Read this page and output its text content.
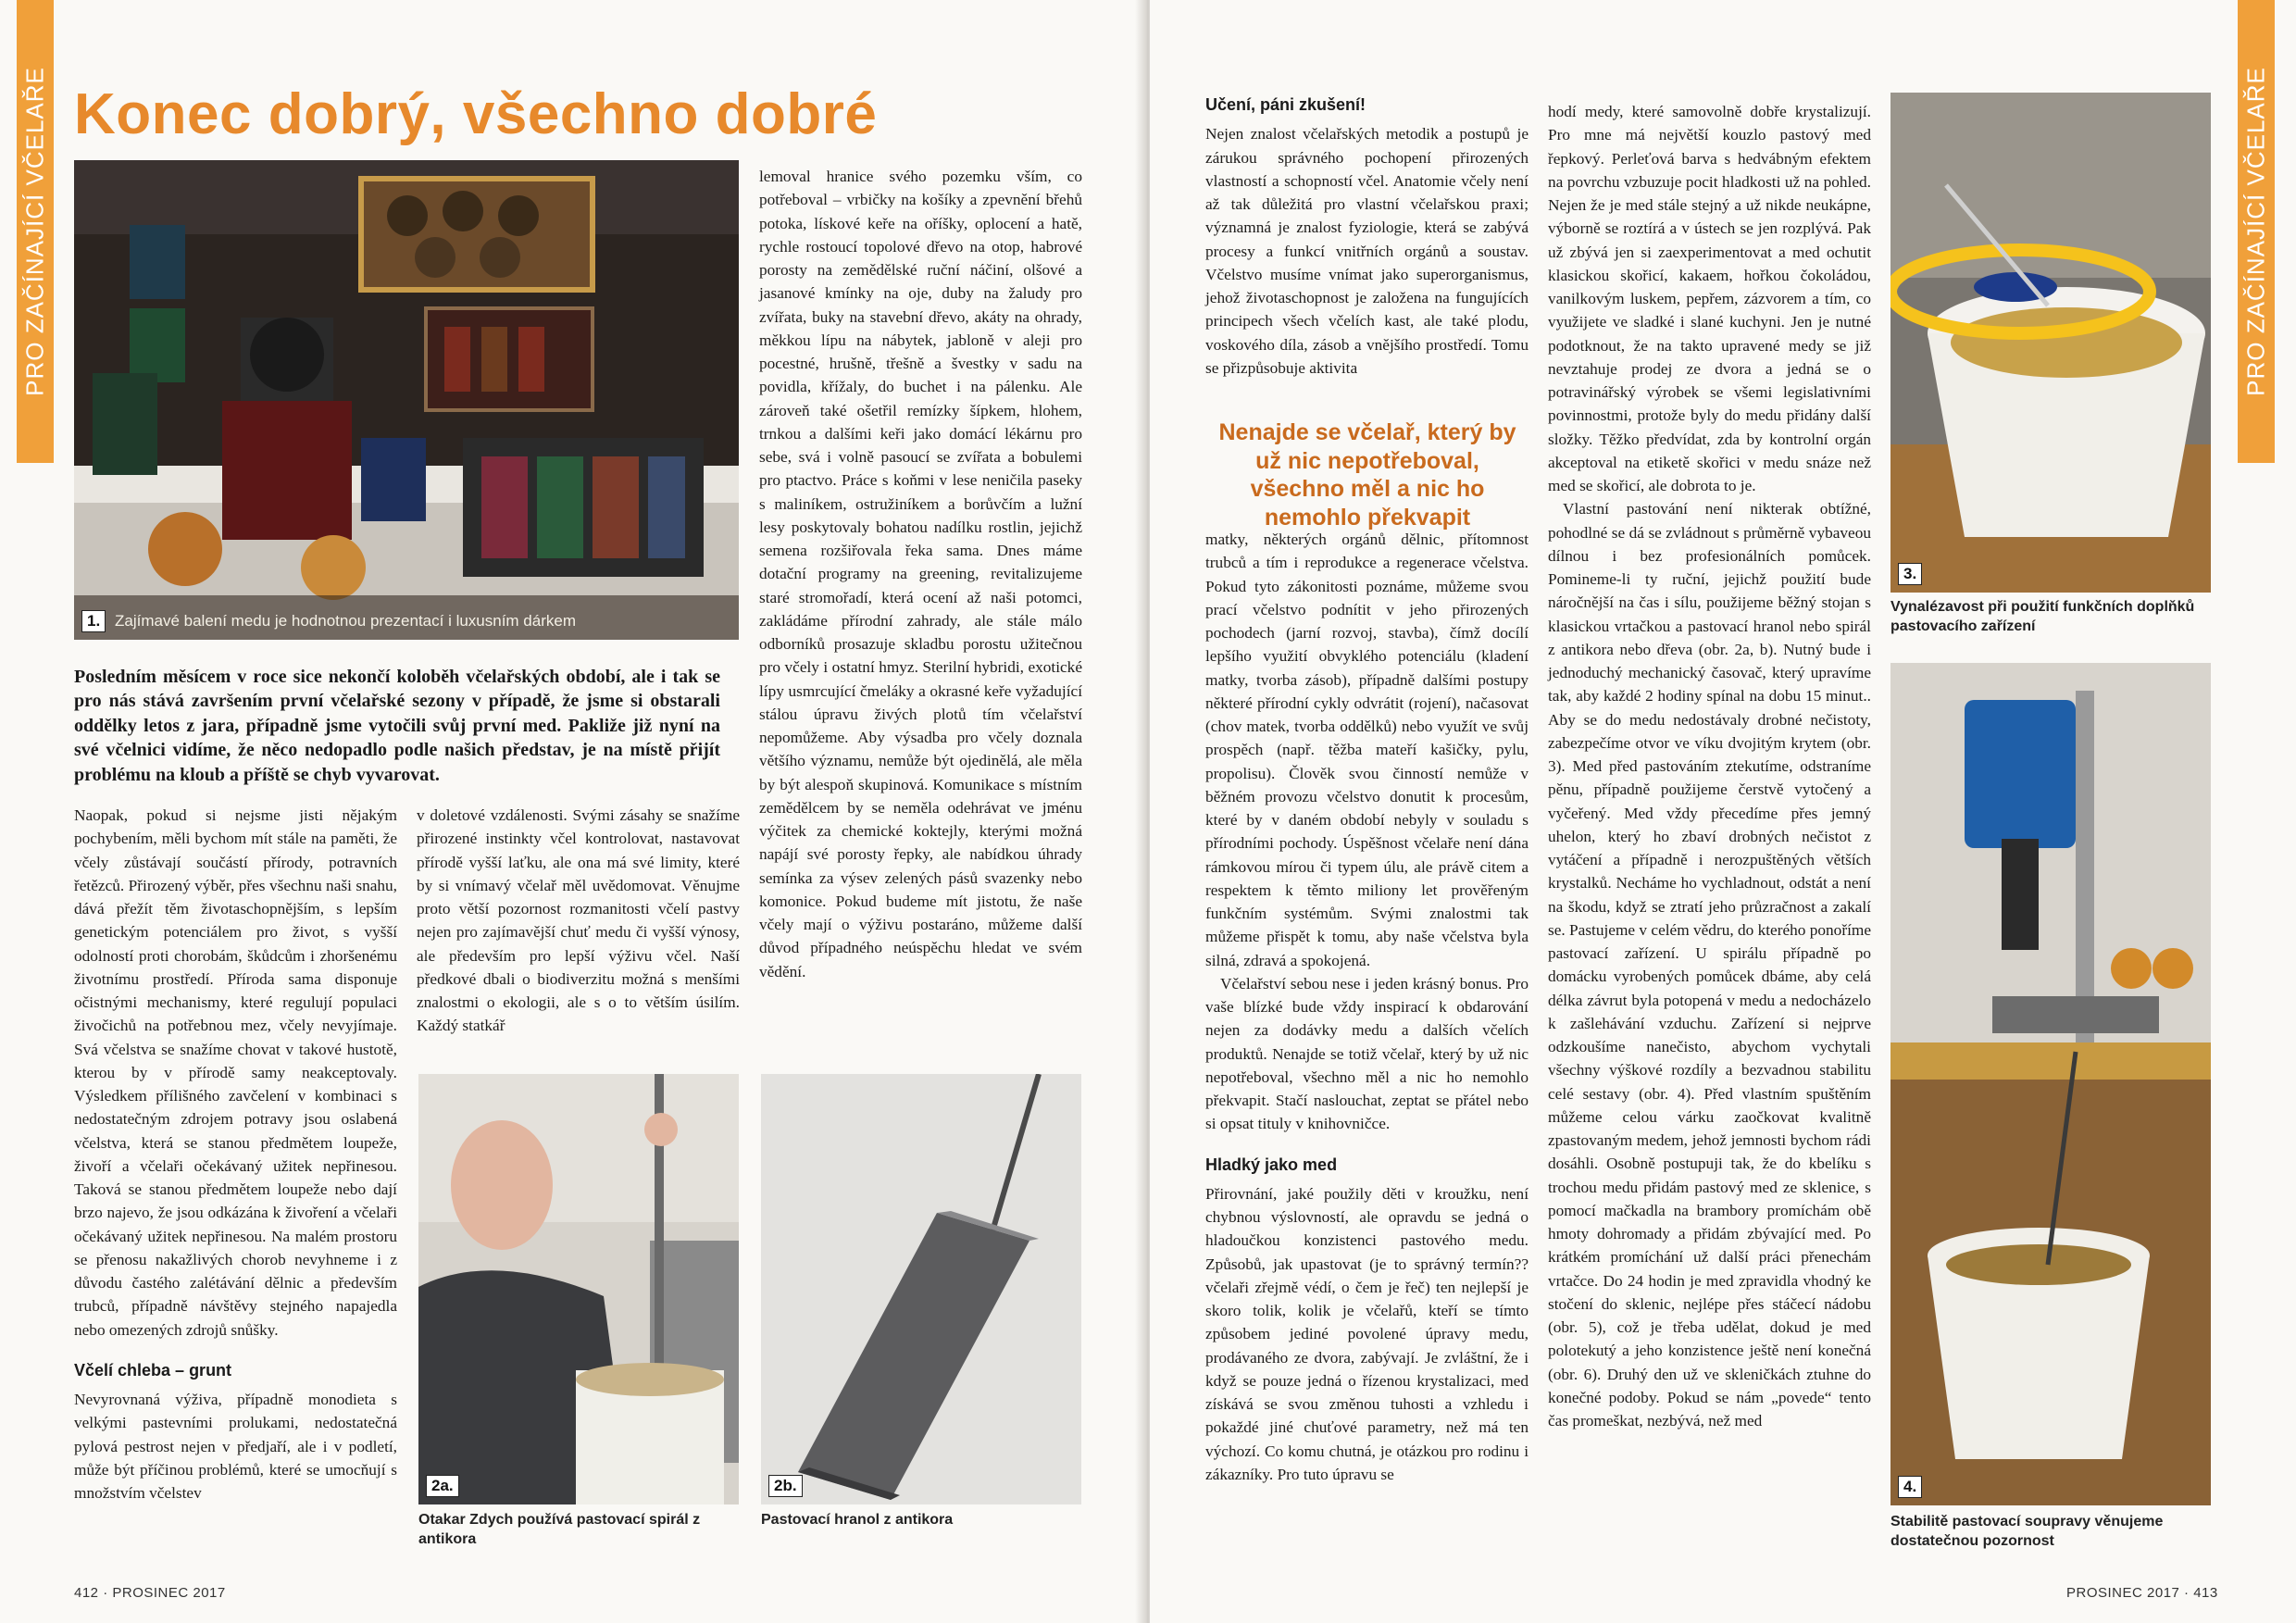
PRO ZAČÍNAJÍCÍ VČELAŘE Konec dobrý, všechno dobré
1. Zajímavé balení medu je hodnotnou prezentací i luxusním dárkem
Posledním měsícem v roce sice nekončí koloběh včelařských období, ale i tak se pro nás stává završením první včelařské sezony v případě, že jsme si obstarali oddělky letos z jara, případně jsme vytočili svůj první med. Pakliže již nyní na své včelnici vidíme, že něco nedopadlo podle našich představ, je na místě přijít problému na kloub a příště se chyb vyvarovat.

Naopak, pokud si nejsme jisti nějakým pochybením, měli bychom mít stále na paměti, že včely zůstávají součástí přírody, potravních řetězců. Přirozený výběr, přes všechnu naši snahu, dává přežít těm životaschopnějším, s lepším genetickým potenciálem pro život, s vyšší odolností proti chorobám, škůdcům i zhoršenému životnímu prostředí. Příroda sama disponuje očistnými mechanismy, které regulují populaci živočichů na potřebnou mez, včely nevyjímaje. Svá včelstva se snažíme chovat v takové hustotě, kterou by v přírodě samy neakceptovaly. Výsledkem přílišného zavčelení v kombinaci s nedostatečným zdrojem potravy jsou oslabená včelstva, která se stanou předmětem loupeže, živoří a včelaři očekávaný užitek nepřinesou. Taková se stanou předmětem loupeže nebo dají brzo najevo, že jsou odkázána k živoření a včelaři očekávaný užitek nepřinesou. Na malém prostoru se přenosu nakažlivých chorob nevyhneme i z důvodu častého zalétávání dělnic a především trubců, případně návštěvy stejného napajedla nebo omezených zdrojů snůšky.

Včelí chleba – grunt

Nevyrovnaná výživa, případně monodieta s velkými pastevními prolukami, nedostatečná pylová pestrost nejen v předjaří, ale i v podletí, může být příčinou problémů, které se umocňují s množstvím včelstev

v doletové vzdálenosti. Svými zásahy se snažíme přirozené instinkty včel kontrolovat, nastavovat přírodě vyšší laťku, ale ona má své limity, které by si vnímavý včelař měl uvědomovat. Věnujme proto větší pozornost rozmanitosti včelí pastvy nejen pro zajímavější chuť medu či vyšší výnosy, ale především pro lepší výživu včel. Naší předkové dbali o biodiverzitu možná s menšími znalostmi o ekologii, ale s o to větším úsilím. Každý statkář

lemoval hranice svého pozemku vším, co potřeboval – vrbičky na košíky a zpevnění břehů potoka, lískové keře na oříšky, oplocení a hatě, rychle rostoucí topolové dřevo na otop, habrové porosty na zemědělské ruční náčiní, olšové a jasanové kmínky na oje, duby na žaludy pro zvířata, buky na stavební dřevo, akáty na ohrady, měkkou lípu na nábytek, jabloně v aleji pro pocestné, hrušně, třešně a švestky v sadu na povidla, křížaly, do buchet i na pálenku. Ale zároveň také ošetřil remízky šípkem, hlohem, trnkou a dalšími keři jako domácí lékárnu pro sebe, svá i volně pasoucí se zvířata a bobulemi pro ptactvo. Práce s koňmi v lese neničila paseky s maliníkem, ostružiníkem a borůvčím a lužní lesy poskytovaly bohatou nadílku rostlin, jejichž semena rozšiřovala řeka sama. Dnes máme dotační programy na greening, revitalizujeme staré stromořadí, která ocení až naši potomci, zakládáme přírodní zahrady, ale stále málo odborníků prosazuje skladbu porostu užitečnou pro včely i ostatní hmyz. Sterilní hybridi, exotické lípy usmrcující čmeláky a okrasné keře vyžadující stálou úpravu živých plotů tím včelařství nepomůžeme. Aby výsadba pro včely doznala většího významu, nemůže být ojedinělá, ale měla by být alespoň skupinová. Komunikace s místním zemědělcem by se neměla odehrávat ve jménu výčitek za chemické koktejly, kterými možná napájí své porosty řepky, ale nabídkou úhrady semínka za výsev zelených pásů svazenky nebo komonice. Pokud budeme mít jistotu, že naše včely mají o výživu postaráno, můžeme další důvod případného neúspěchu hledat ve svém vědění.

2a.
Otakar Zdych používá pastovací spirál z antikora
2b.
Pastovací hranol z antikora
412 · PROSINEC 2017
Učení, páni zkušení!

Nejen znalost včelařských metodik a postupů je zárukou správného pochopení přirozených vlastností a schopností včel. Anatomie včely není až tak důležitá pro vlastní včelařskou praxi; významná je znalost fyziologie, která se zabývá procesy a funkcí vnitřních orgánů a soustav. Včelstvo musíme vnímat jako superorganismus, jehož životaschopnost je založena na fungujících principech všech včelích kast, ale také plodu, voskového díla, zásob a vnějšího prostředí. Tomu se přizpůsobuje aktivita

matky, některých orgánů dělnic, přítomnost trubců a tím i reprodukce a regenerace včelstva. Pokud tyto zákonitosti poznáme, můžeme svou prací včelstvo podnítit v jeho přirozených pochodech (jarní rozvoj, stavba), čímž docílí lepšího využití obvyklého potenciálu (kladení matky, tvorba zásob), případně dalšími postupy některé přírodní cykly odvrátit (rojení), načasovat (chov matek, tvorba oddělků) nebo využít ve svůj prospěch (např. těžba mateří kašičky, pylu, propolisu). Člověk svou činností nemůže v běžném provozu včelstvo donutit k procesům, které by v daném období nebyly v souladu s přírodními pochody. Úspěšnost včelaře není dána rámkovou mírou či typem úlu, ale právě citem a respektem k těmto miliony let prověřeným funkčním systémům. Svými znalostmi tak můžeme přispět k tomu, aby naše včelstva byla silná, zdravá a spokojená.

Včelařství sebou nese i jeden krásný bonus. Pro vaše blízké bude vždy inspirací k obdarování nejen za dodávky medu a dalších včelích produktů. Nenajde se totiž včelař, který by už nic nepotřeboval, všechno měl a nic ho nemohlo překvapit. Stačí naslouchat, zeptat se přátel nebo si opsat tituly v knihovničce.

Hladký jako med

Přirovnání, jaké použily děti v kroužku, není chybnou výslovností, ale opravdu se jedná o hladoučkou konzistenci pastového medu. Způsobů, jak upastovat (je to správný termín?? včelaři zřejmě védí, o čem je řeč) ten nejlepší je skoro tolik, kolik je včelařů, kteří se tímto způsobem jediné povolené úpravy medu, prodávaného ze dvora, zabývají. Je zvláštní, že i když se pouze jedná o řízenou krystalizaci, med získává se svou změnou tuhosti a vzhledu i pokaždé jiné chuťové parametry, než má ten výchozí. Co komu chutná, je otázkou pro rodinu i zákazníky. Pro tuto úpravu se

Nenajde se včelař, který by už nic nepotřeboval, všechno měl a nic ho nemohlo překvapit

hodí medy, které samovolně dobře krystalizují. Pro mne má největší kouzlo pastový med řepkový. Perleťová barva s hedvábným efektem na povrchu vzbuzuje pocit hladkosti už na pohled. Nejen že je med stále stejný a už nikde neukápne, výborně se roztírá a v ústech se jen rozplývá. Pak už zbývá jen si zaexperimentovat a med ochutit klasickou skořicí, kakaem, hořkou čokoládou, vanilkovým luskem, pepřem, zázvorem a tím, co využijete ve sladké i slané kuchyni. Jen je nutné podotknout, že na takto upravené medy se již nevztahuje prodej ze dvora a jedná se o potravinářský výrobek se všemi legislativními povinnostmi, protože byly do medu přidány další složky. Těžko předvídat, zda by kontrolní orgán akceptoval na etiketě skořici v medu snáze než med se skořicí, ale dobrota to je.

Vlastní pastování není nikterak obtížné, pohodlné se dá se zvládnout s průměrně vybaveou dílnou i bez profesionálních pomůcek. Pomineme-li ty ruční, jejichž použití bude náročnější na čas i sílu, použijeme běžný stojan s klasickou vrtačkou a pastovací hranol nebo spirál z antikora nebo dřeva (obr. 2a, b). Nutný bude i jednoduchý mechanický časovač, který upravíme tak, aby každé 2 hodiny spínal na dobu 15 minut.. Aby se do medu nedostávaly drobné nečistoty, zabezpečíme otvor ve víku dvojitým krytem (obr. 3). Med před pastováním ztekutíme, odstraníme pěnu, případně použijeme čerstvě vytočený a vyčeřený. Med vždy přecedíme přes jemný uhelon, který ho zbaví drobných nečistot z vytáčení a případně i nerozpuštěných větších krystalků. Necháme ho vychladnout, odstát a není na škodu, když se ztratí jeho průzračnost a zakalí se. Pastujeme v celém vědru, do kterého ponoříme pastovací zařízení. U spirálu případně po domácku vyrobených pomůcek dbáme, aby celá délka závrut byla potopená v medu a nedocházelo k zašlehávání vzduchu. Zařízení si nejprve odzkoušíme nanečisto, abychom vychytali všechny výškové rozdíly a bezvadnou stabilitu celé sestavy (obr. 4). Před vlastním spuštěním můžeme celou várku zaočkovat kvalitně zpastovaným medem, jehož jemnosti bychom rádi dosáhli. Osobně postupuji tak, že do kbelíku s trochou medu přidám pastový med ze sklenice, s pomocí mačkadla na brambory promíchám obě hmoty dohromady a přidám zbývající med. Po krátkém promíchání už další práci přenechám vrtačce. Do 24 hodin je med zpravidla vhodný ke stočení do sklenic, nejlépe přes stáčecí nádobu (obr. 5), což je třeba udělat, dokud je med polotekutý a jeho konzistence ještě není konečná (obr. 6). Druhý den už ve skleničkách ztuhne do konečné podoby. Pokud se nám „povede“ tento čas promeškat, nezbývá, než med

3.
Vynalézavost při použití funkčních doplňků pastovacího zařízení
4.
Stabilitě pastovací soupravy věnujeme dostatečnou pozornost
PROSINEC 2017 · 413
PRO ZAČÍNAJÍCÍ VČELAŘE
